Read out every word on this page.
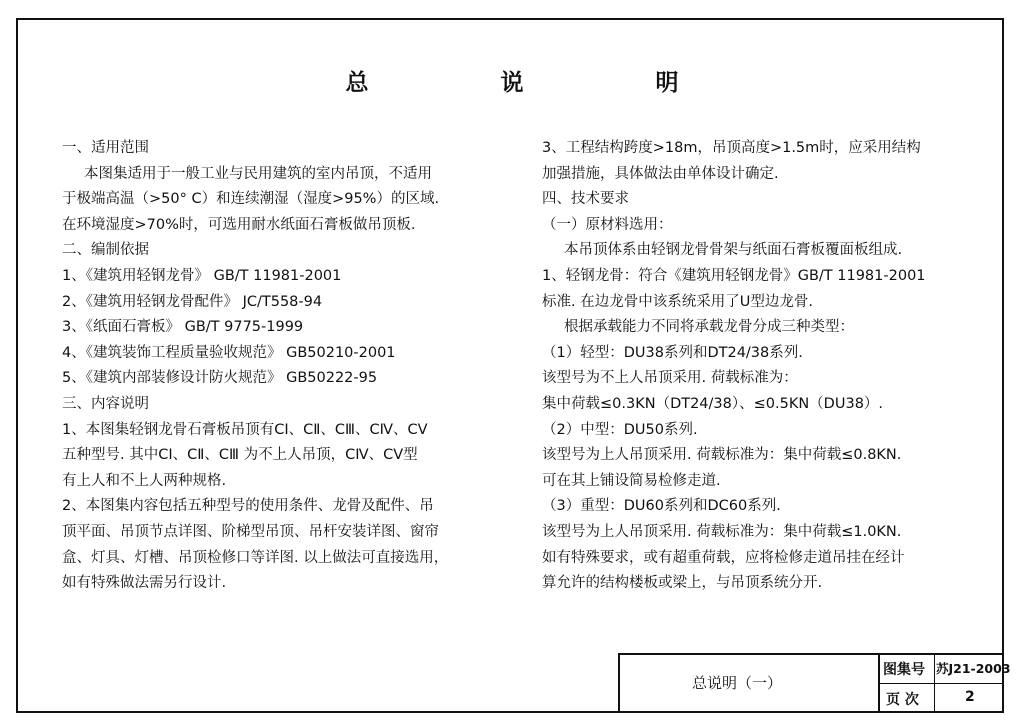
总 说 明
一、适用范围
本图集适用于一般工业与民用建筑的室内吊顶，不适用
于极端高温（>50° C）和连续潮湿（湿度>95%）的区域.
在环境湿度>70%时，可选用耐水纸面石膏板做吊顶板.
二、编制依据
1、《建筑用轻钢龙骨》 GB/T 11981-2001
2、《建筑用轻钢龙骨配件》 JC/T558-94
3、《纸面石膏板》 GB/T 9775-1999
4、《建筑装饰工程质量验收规范》 GB50210-2001
5、《建筑内部装修设计防火规范》 GB50222-95
三、内容说明
1、本图集轻钢龙骨石膏板吊顶有CⅠ、CⅡ、CⅢ、CⅣ、CⅤ
五种型号. 其中CⅠ、CⅡ、CⅢ 为不上人吊顶，CⅣ、CⅤ型
有上人和不上人两种规格.
2、本图集内容包括五种型号的使用条件、龙骨及配件、吊
顶平面、吊顶节点详图、阶梯型吊顶、吊杆安装详图、窗帘
盒、灯具、灯槽、吊顶检修口等详图. 以上做法可直接选用，
如有特殊做法需另行设计.
3、工程结构跨度>18m，吊顶高度>1.5m时，应采用结构
加强措施，具体做法由单体设计确定.
四、技术要求
（一）原材料选用：
本吊顶体系由轻钢龙骨骨架与纸面石膏板覆面板组成.
1、轻钢龙骨：符合《建筑用轻钢龙骨》GB/T 11981-2001
标准. 在边龙骨中该系统采用了U型边龙骨.
根据承载能力不同将承载龙骨分成三种类型：
（1）轻型：DU38系列和DT24/38系列.
该型号为不上人吊顶采用. 荷载标准为：
集中荷载≤0.3KN（DT24/38）、≤0.5KN（DU38）.
（2）中型：DU50系列.
该型号为上人吊顶采用. 荷载标准为：集中荷载≤0.8KN.
可在其上铺设简易检修走道.
（3）重型：DU60系列和DC60系列.
该型号为上人吊顶采用. 荷载标准为：集中荷载≤1.0KN.
如有特殊要求，或有超重荷载，应将检修走道吊挂在经计
算允许的结构楼板或梁上，与吊顶系统分开.
总说明（一）
图集号 苏J21-2003
页 次	2
